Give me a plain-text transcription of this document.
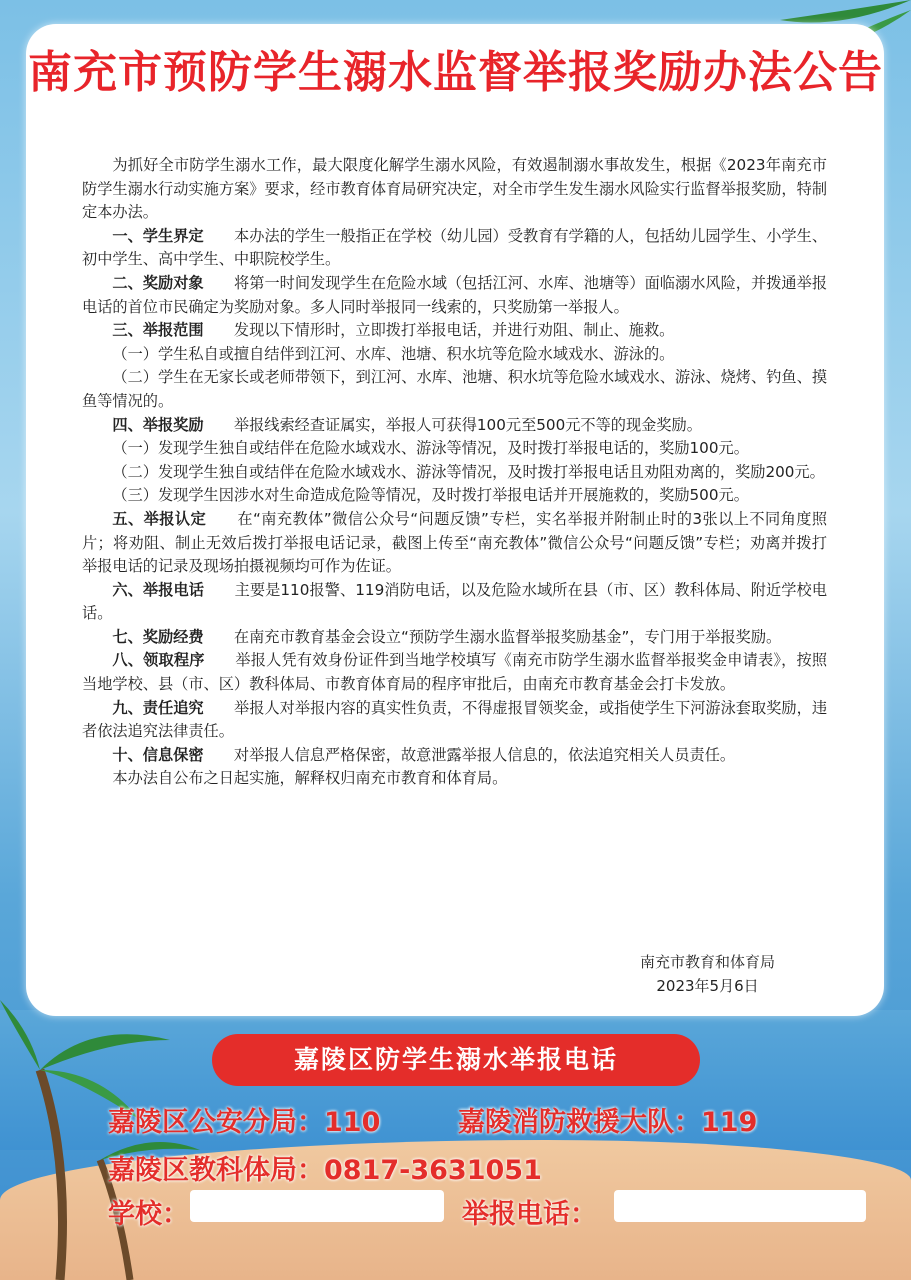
南充市预防学生溺水监督举报奖励办法公告

为抓好全市防学生溺水工作，最大限度化解学生溺水风险，有效遏制溺水事故发生，根据《2023年南充市防学生溺水行动实施方案》要求，经市教育体育局研究决定，对全市学生发生溺水风险实行监督举报奖励，特制定本办法。

一、学生界定　　 本办法的学生一般指正在学校（幼儿园）受教育有学籍的人，包括幼儿园学生、小学生、初中学生、高中学生、中职院校学生。

二、奖励对象　　 将第一时间发现学生在危险水域（包括江河、水库、池塘等）面临溺水风险，并拨通举报电话的首位市民确定为奖励对象。多人同时举报同一线索的，只奖励第一举报人。

三、举报范围　　 发现以下情形时，立即拨打举报电话，并进行劝阻、制止、施救。

（一）学生私自或擅自结伴到江河、水库、池塘、积水坑等危险水域戏水、游泳的。

（二）学生在无家长或老师带领下，到江河、水库、池塘、积水坑等危险水域戏水、游泳、烧烤、钓鱼、摸鱼等情况的。

四、举报奖励　　 举报线索经查证属实，举报人可获得100元至500元不等的现金奖励。

（一）发现学生独自或结伴在危险水域戏水、游泳等情况，及时拨打举报电话的，奖励100元。

（二）发现学生独自或结伴在危险水域戏水、游泳等情况，及时拨打举报电话且劝阻劝离的，奖励200元。

（三）发现学生因涉水对生命造成危险等情况，及时拨打举报电话并开展施救的，奖励500元。

五、举报认定　　 在“南充教体”微信公众号“问题反馈”专栏，实名举报并附制止时的3张以上不同角度照片；将劝阻、制止无效后拨打举报电话记录，截图上传至“南充教体”微信公众号“问题反馈”专栏；劝离并拨打举报电话的记录及现场拍摄视频均可作为佐证。

六、举报电话　　 主要是110报警、119消防电话，以及危险水域所在县（市、区）教科体局、附近学校电话。

七、奖励经费　　 在南充市教育基金会设立“预防学生溺水监督举报奖励基金”，专门用于举报奖励。

八、领取程序　　 举报人凭有效身份证件到当地学校填写《南充市防学生溺水监督举报奖金申请表》，按照当地学校、县（市、区）教科体局、市教育体育局的程序审批后，由南充市教育基金会打卡发放。

九、责任追究　　 举报人对举报内容的真实性负责，不得虚报冒领奖金，或指使学生下河游泳套取奖励，违者依法追究法律责任。

十、信息保密　　 对举报人信息严格保密，故意泄露举报人信息的，依法追究相关人员责任。

本办法自公布之日起实施，解释权归南充市教育和体育局。

南充市教育和体育局
2023年5月6日
嘉陵区防学生溺水举报电话
嘉陵区公安分局：110	嘉陵消防救援大队：119
嘉陵区教科体局：0817-3631051
学校：	举报电话：
